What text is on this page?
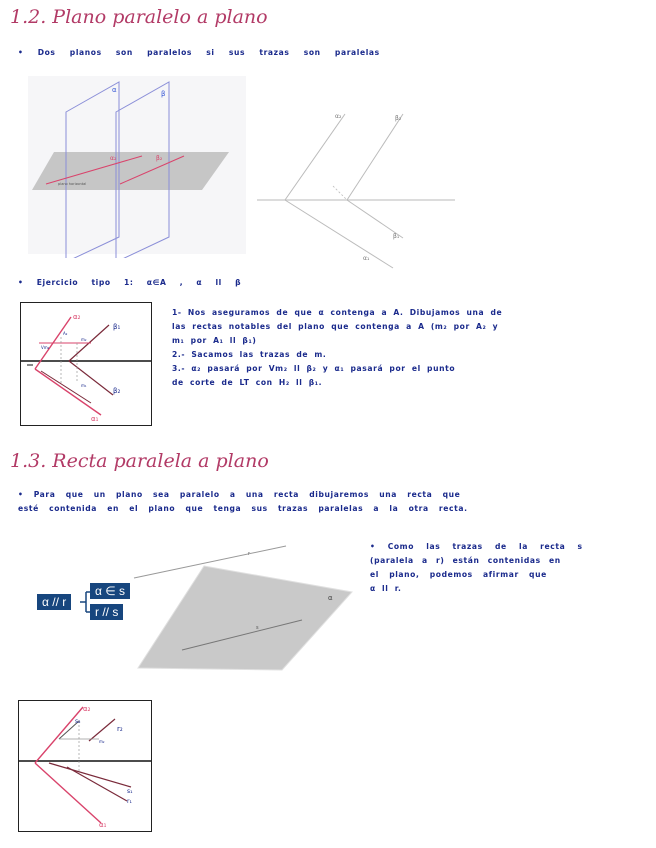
1.2. Plano paralelo a plano
• Dos planos son paralelos si sus trazas son paralelas
α	β
α₂	β₂
plano horizontal
α₂	β₂
β₁
α₁
• Ejercicio tipo 1: α∈A , α ll β
α₂
β₁
β₂
α₁
Vm₂
m₂
A₂
m₁
1- Nos aseguramos de que α contenga a A. Dibujamos una de
las rectas notables del plano que contenga a A (m₂ por A₂ y
m₁ por A₁ ll β₁)
2.- Sacamos las trazas de m.
3.- α₂ pasará por Vm₂ ll β₂ y α₁ pasará por el punto
de corte de LT con H₂ ll β₁.
1.3. Recta paralela a plano
• Para que un plano sea paralelo a una recta dibujaremos una recta que
esté contenida en el plano que tenga sus trazas paralelas a la otra recta.
α // r
α ∈ s
r // s
r
s
α
• Como las trazas de la recta s
(paralela a r) están contenidas en
el plano, podemos afirmar que
α ll r.
α₂
s₂
r₂
m₂
s₁
r₁
α₁
